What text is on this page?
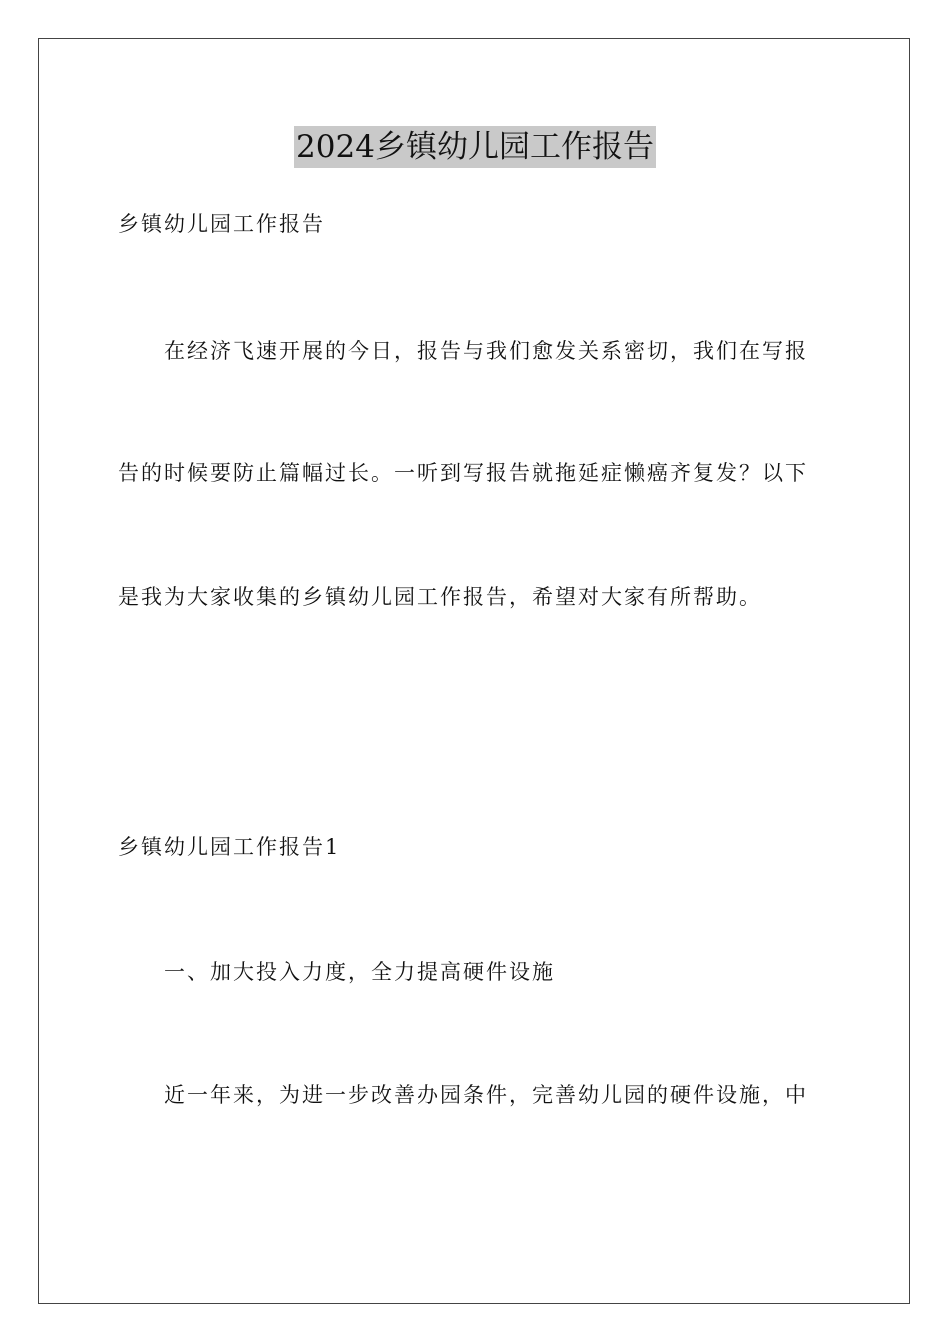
2024乡镇幼儿园工作报告
乡镇幼儿园工作报告
在经济飞速开展的今日，报告与我们愈发关系密切，我们在写报
告的时候要防止篇幅过长。一听到写报告就拖延症懒癌齐复发？以下
是我为大家收集的乡镇幼儿园工作报告，希望对大家有所帮助。
乡镇幼儿园工作报告1
一、加大投入力度，全力提高硬件设施
近一年来，为进一步改善办园条件，完善幼儿园的硬件设施，中
